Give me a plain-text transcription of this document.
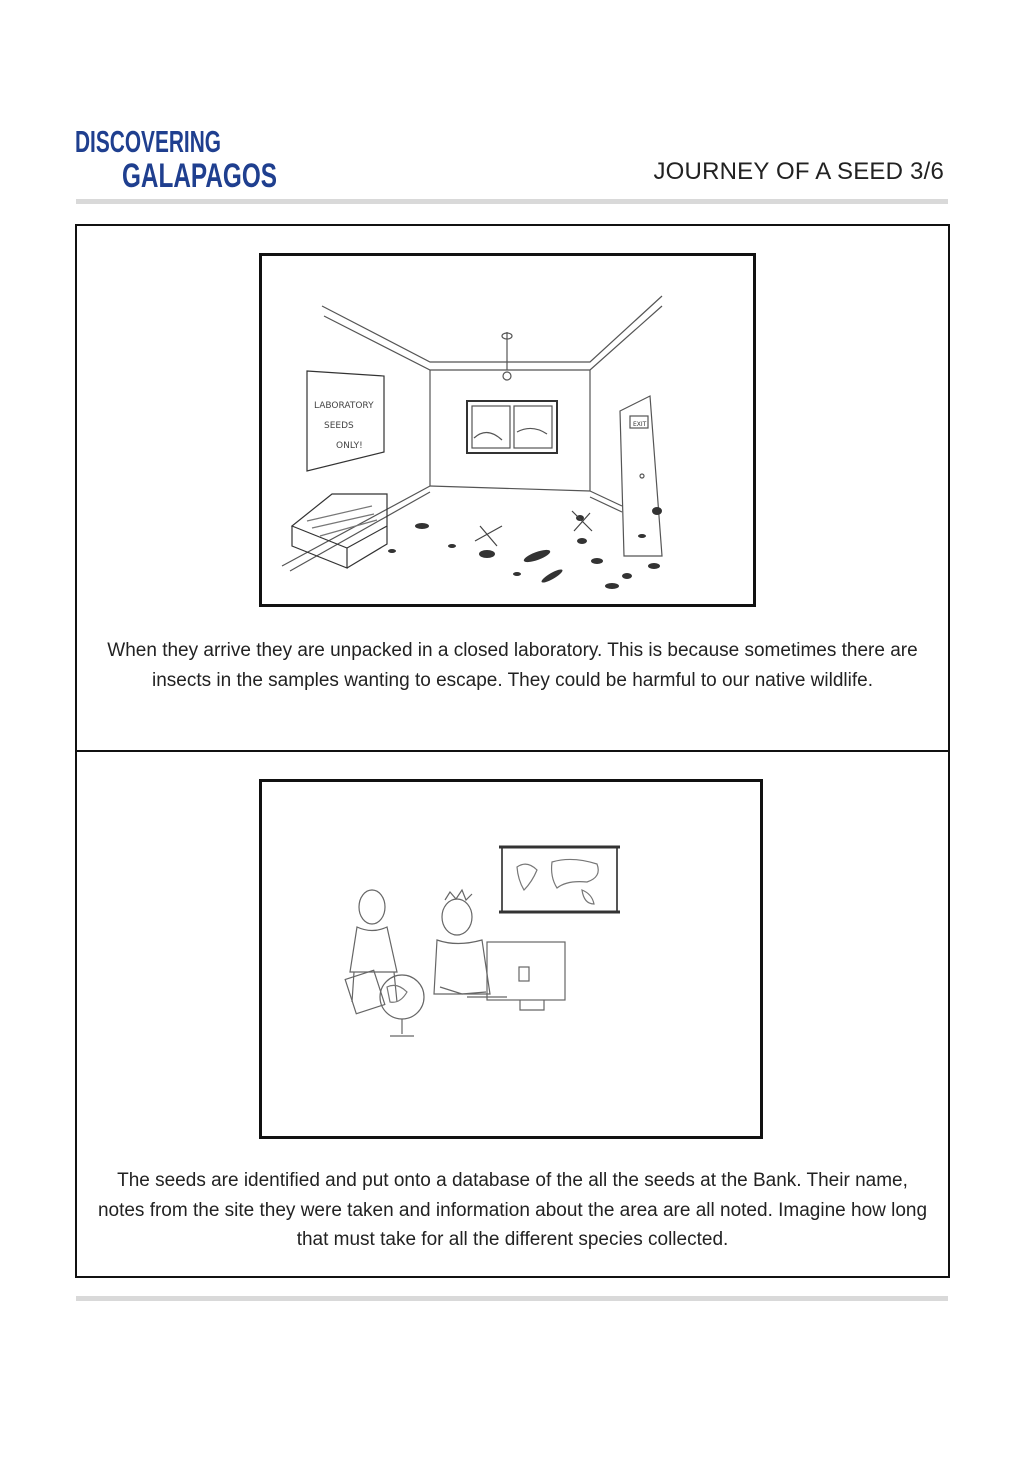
DISCOVERING
GALAPAGOS	JOURNEY OF A SEED 3/6
EXIT
LABORATORY
SEEDS
ONLY!
When they arrive they are unpacked in a closed laboratory. This is because sometimes there are insects in the samples wanting to escape. They could be harmful to our native wildlife.
The seeds are identified and put onto a database of the all the seeds at the Bank. Their name, notes from the site they were taken and information about the area are all noted. Imagine how long that must take for all the different species collected.
